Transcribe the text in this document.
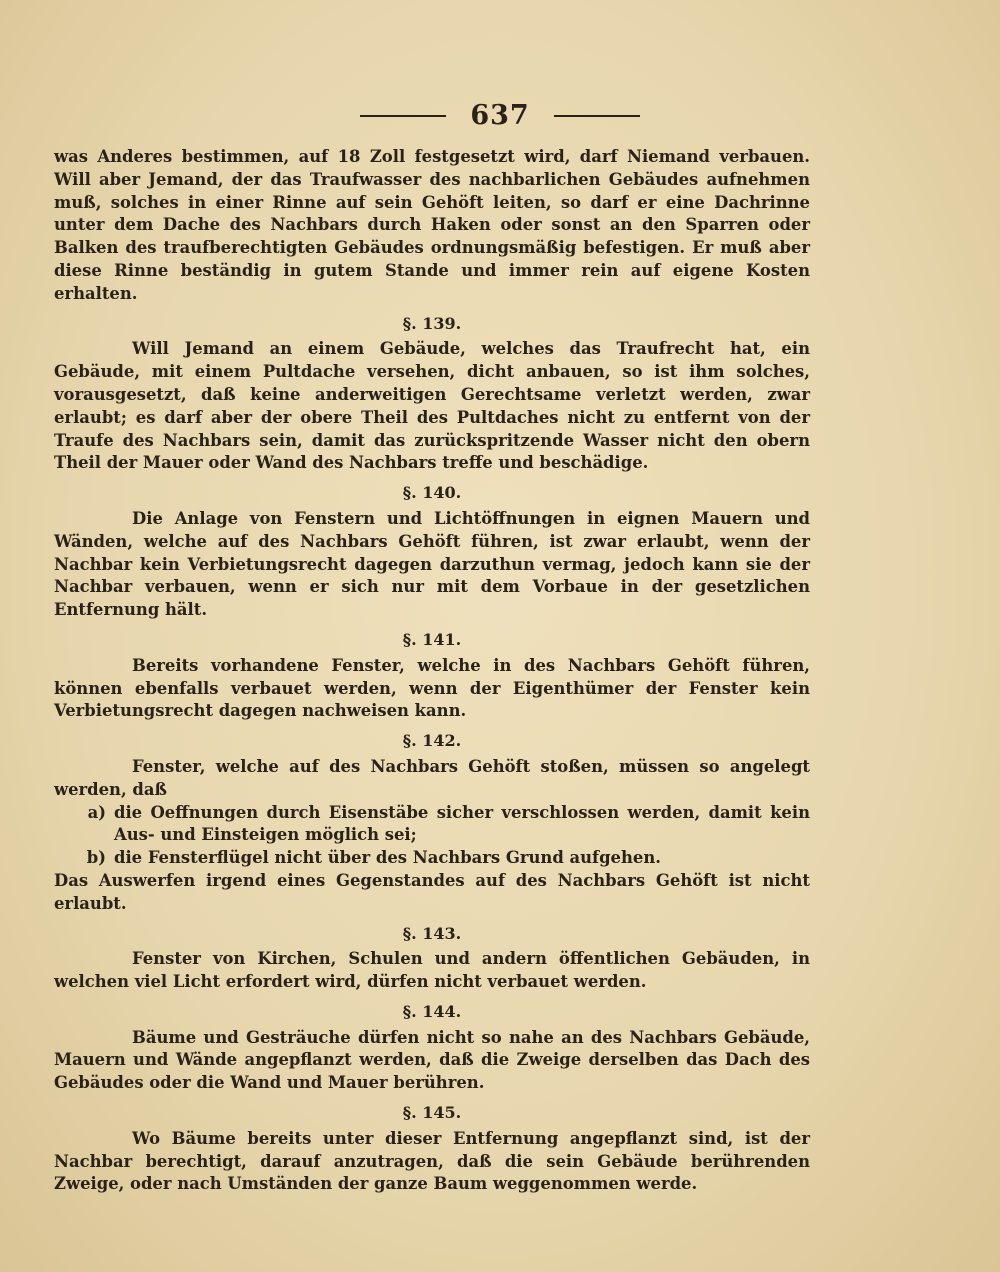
637

was Anderes bestimmen, auf 18 Zoll festgesetzt wird, darf Niemand verbauen. Will aber Jemand, der das Traufwasser des nachbarlichen Gebäudes aufnehmen muß, solches in einer Rinne auf sein Gehöft leiten, so darf er eine Dachrinne unter dem Dache des Nachbars durch Haken oder sonst an den Sparren oder Balken des traufberechtigten Gebäudes ordnungsmäßig befestigen. Er muß aber diese Rinne beständig in gutem Stande und immer rein auf eigene Kosten erhalten.

§. 139.

Will Jemand an einem Gebäude, welches das Traufrecht hat, ein Gebäude, mit einem Pultdache versehen, dicht anbauen, so ist ihm solches, vorausgesetzt, daß keine anderweitigen Gerechtsame verletzt werden, zwar erlaubt; es darf aber der obere Theil des Pultdaches nicht zu entfernt von der Traufe des Nachbars sein, damit das zurückspritzende Wasser nicht den obern Theil der Mauer oder Wand des Nachbars treffe und beschädige.

§. 140.

Die Anlage von Fenstern und Lichtöffnungen in eignen Mauern und Wänden, welche auf des Nachbars Gehöft führen, ist zwar erlaubt, wenn der Nachbar kein Verbietungsrecht dagegen darzuthun vermag, jedoch kann sie der Nachbar verbauen, wenn er sich nur mit dem Vorbaue in der gesetzlichen Entfernung hält.

§. 141.

Bereits vorhandene Fenster, welche in des Nachbars Gehöft führen, können ebenfalls verbauet werden, wenn der Eigenthümer der Fenster kein Verbietungsrecht dagegen nachweisen kann.

§. 142.

Fenster, welche auf des Nachbars Gehöft stoßen, müssen so angelegt werden, daß

a) die Oeffnungen durch Eisenstäbe sicher verschlossen werden, damit kein Aus- und Einsteigen möglich sei;
b) die Fensterflügel nicht über des Nachbars Grund aufgehen.

Das Auswerfen irgend eines Gegenstandes auf des Nachbars Gehöft ist nicht erlaubt.

§. 143.

Fenster von Kirchen, Schulen und andern öffentlichen Gebäuden, in welchen viel Licht erfordert wird, dürfen nicht verbauet werden.

§. 144.

Bäume und Gesträuche dürfen nicht so nahe an des Nachbars Gebäude, Mauern und Wände angepflanzt werden, daß die Zweige derselben das Dach des Gebäudes oder die Wand und Mauer berühren.

§. 145.

Wo Bäume bereits unter dieser Entfernung angepflanzt sind, ist der Nachbar berechtigt, darauf anzutragen, daß die sein Gebäude berührenden Zweige, oder nach Umständen der ganze Baum weggenommen werde.
